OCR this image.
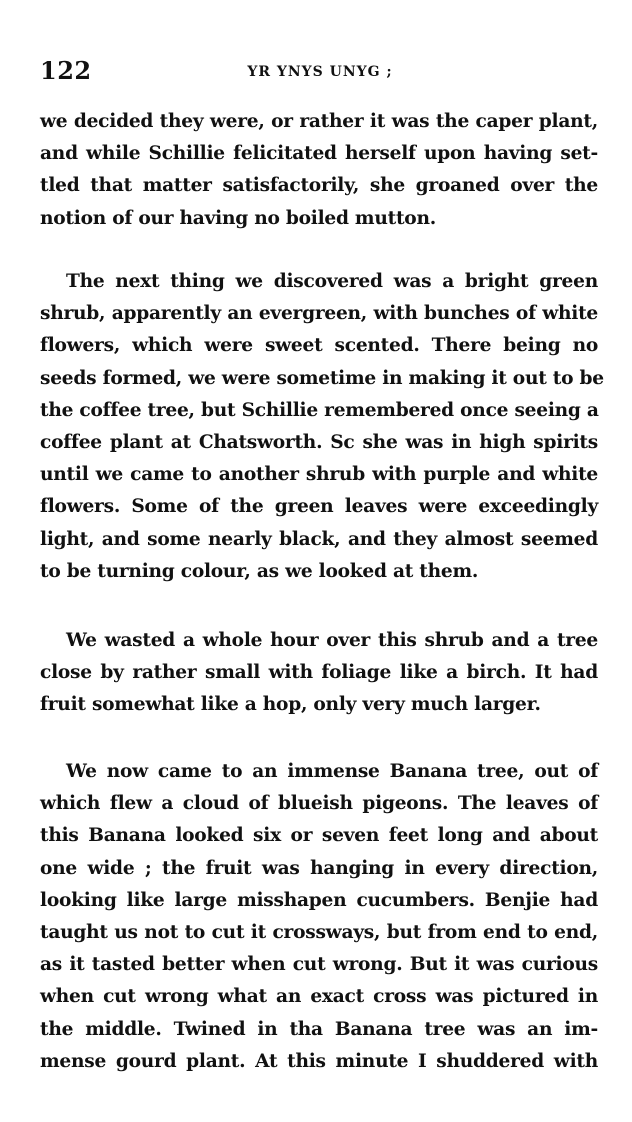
122	YR YNYS UNYG ;
we decided they were, or rather it was the caper plant,
and while Schillie felicitated herself upon having set-
tled that matter satisfactorily, she groaned over the
notion of our having no boiled mutton.
The next thing we discovered was a bright green
shrub, apparently an evergreen, with bunches of white
flowers, which were sweet scented. There being no
seeds formed, we were sometime in making it out to be
the coffee tree, but Schillie remembered once seeing a
coffee plant at Chatsworth. Sc she was in high spirits
until we came to another shrub with purple and white
flowers. Some of the green leaves were exceedingly
light, and some nearly black, and they almost seemed
to be turning colour, as we looked at them.
We wasted a whole hour over this shrub and a tree
close by rather small with foliage like a birch. It had
fruit somewhat like a hop, only very much larger.
We now came to an immense Banana tree, out of
which flew a cloud of blueish pigeons. The leaves of
this Banana looked six or seven feet long and about
one wide ; the fruit was hanging in every direction,
looking like large misshapen cucumbers. Benjie had
taught us not to cut it crossways, but from end to end,
as it tasted better when cut wrong. But it was curious
when cut wrong what an exact cross was pictured in
the middle. Twined in tha Banana tree was an im-
mense gourd plant. At this minute I shuddered with
